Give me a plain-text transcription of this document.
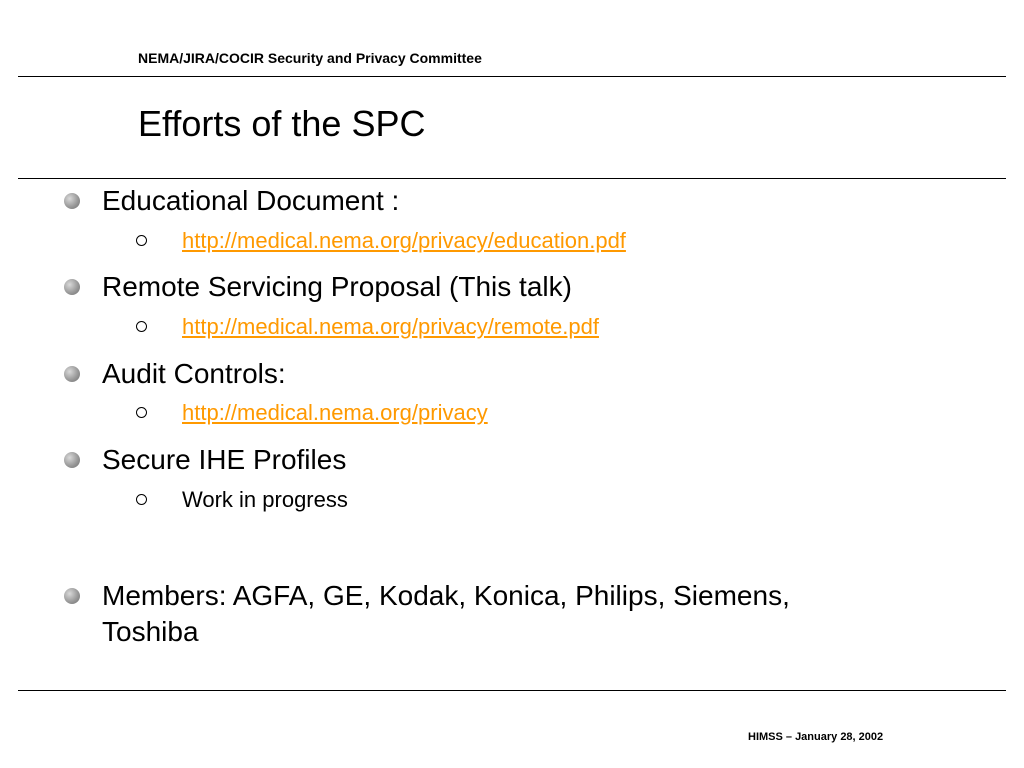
NEMA/JIRA/COCIR Security and Privacy Committee
Efforts of the SPC
Educational Document :
http://medical.nema.org/privacy/education.pdf
Remote Servicing Proposal (This talk)
http://medical.nema.org/privacy/remote.pdf
Audit Controls:
http://medical.nema.org/privacy
Secure IHE Profiles
Work in progress
Members: AGFA, GE, Kodak, Konica, Philips, Siemens,
Toshiba
HIMSS – January 28, 2002
